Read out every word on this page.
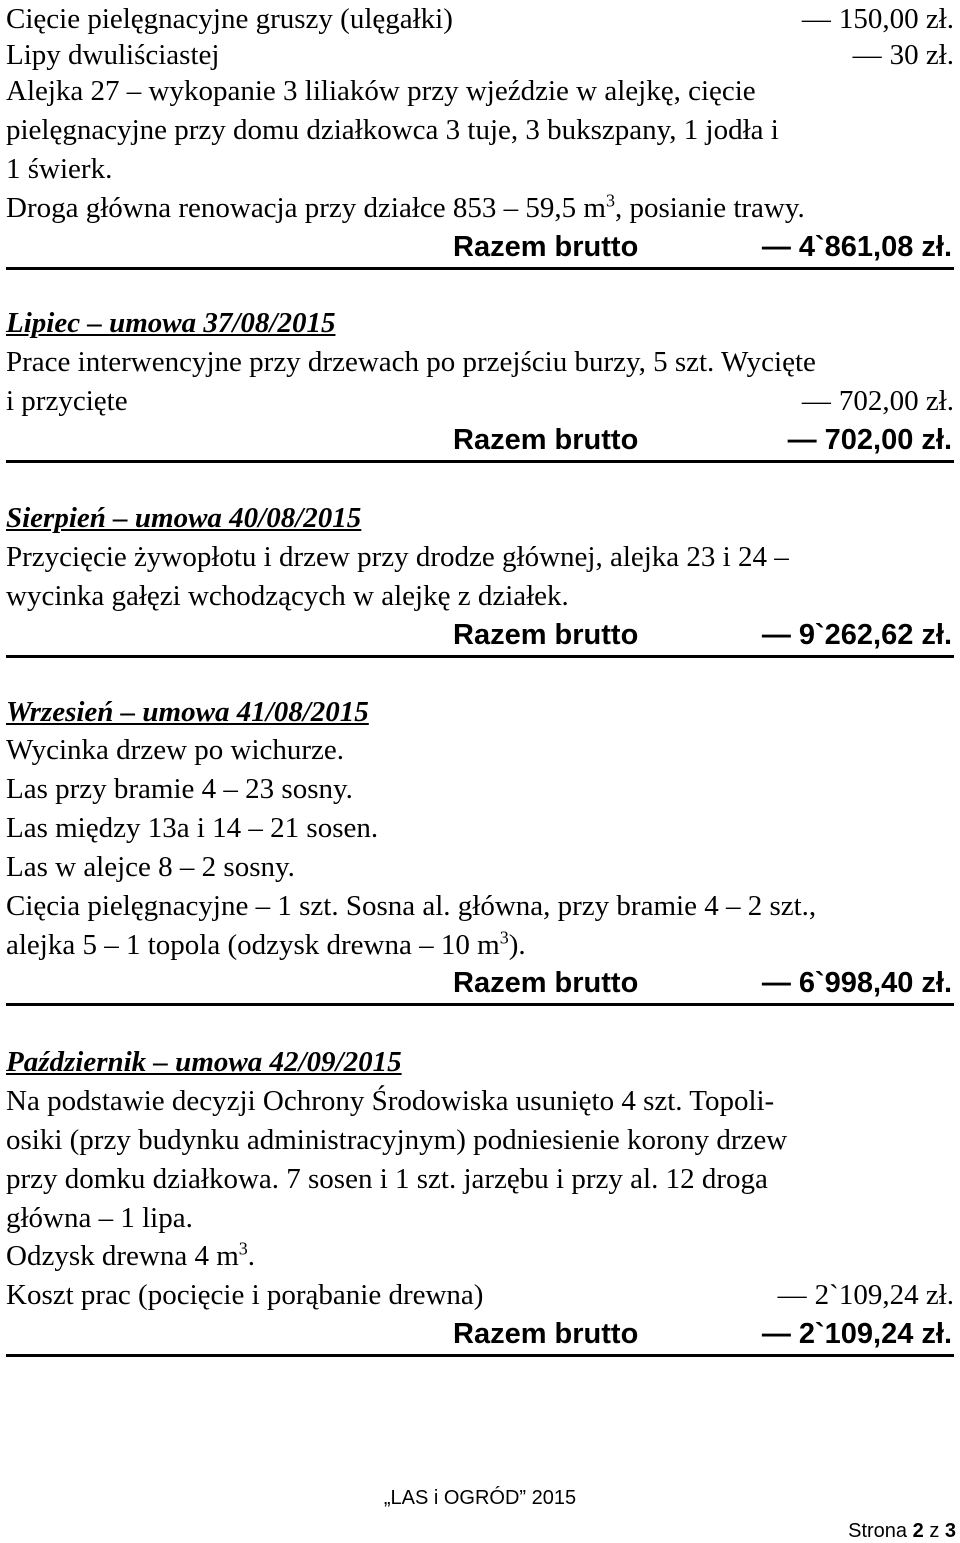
Cięcie pielęgnacyjne gruszy (ulęgałki)	— 150,00 zł.
Lipy dwuliściastej	— 30 zł.
Alejka 27 – wykopanie 3 liliaków przy wjeździe w alejkę, cięcie
pielęgnacyjne przy domu działkowca 3 tuje, 3 bukszpany, 1 jodła i
1 świerk.
Droga główna renowacja przy działce 853 – 59,5 $m^3$, posianie trawy.
Razem brutto	— 4`861,08 zł.
Lipiec – umowa 37/08/2015
Prace interwencyjne przy drzewach po przejściu burzy, 5 szt. Wycięte
i przycięte	— 702,00 zł.
Razem brutto	— 702,00 zł.
Sierpień – umowa 40/08/2015
Przycięcie żywopłotu i drzew przy drodze głównej, alejka 23 i 24 –
wycinka gałęzi wchodzących w alejkę z działek.
Razem brutto	— 9`262,62 zł.
Wrzesień – umowa 41/08/2015
Wycinka drzew po wichurze.
Las przy bramie 4 – 23 sosny.
Las między 13a i 14 – 21 sosen.
Las w alejce 8 – 2 sosny.
Cięcia pielęgnacyjne – 1 szt. Sosna al. główna, przy bramie 4 – 2 szt.,
alejka 5 – 1 topola (odzysk drewna – 10 $m^3$).
Razem brutto	— 6`998,40 zł.
Październik – umowa 42/09/2015
Na podstawie decyzji Ochrony Środowiska usunięto 4 szt. Topoli-
osiki (przy budynku administracyjnym) podniesienie korony drzew
przy domku działkowa. 7 sosen i 1 szt. jarzębu i przy al. 12 droga
główna – 1 lipa.
Odzysk drewna 4 $m^3$.
Koszt prac (pocięcie i porąbanie drewna)	— 2`109,24 zł.
Razem brutto	— 2`109,24 zł.
„LAS i OGRÓD” 2015
Strona 2 z 3
